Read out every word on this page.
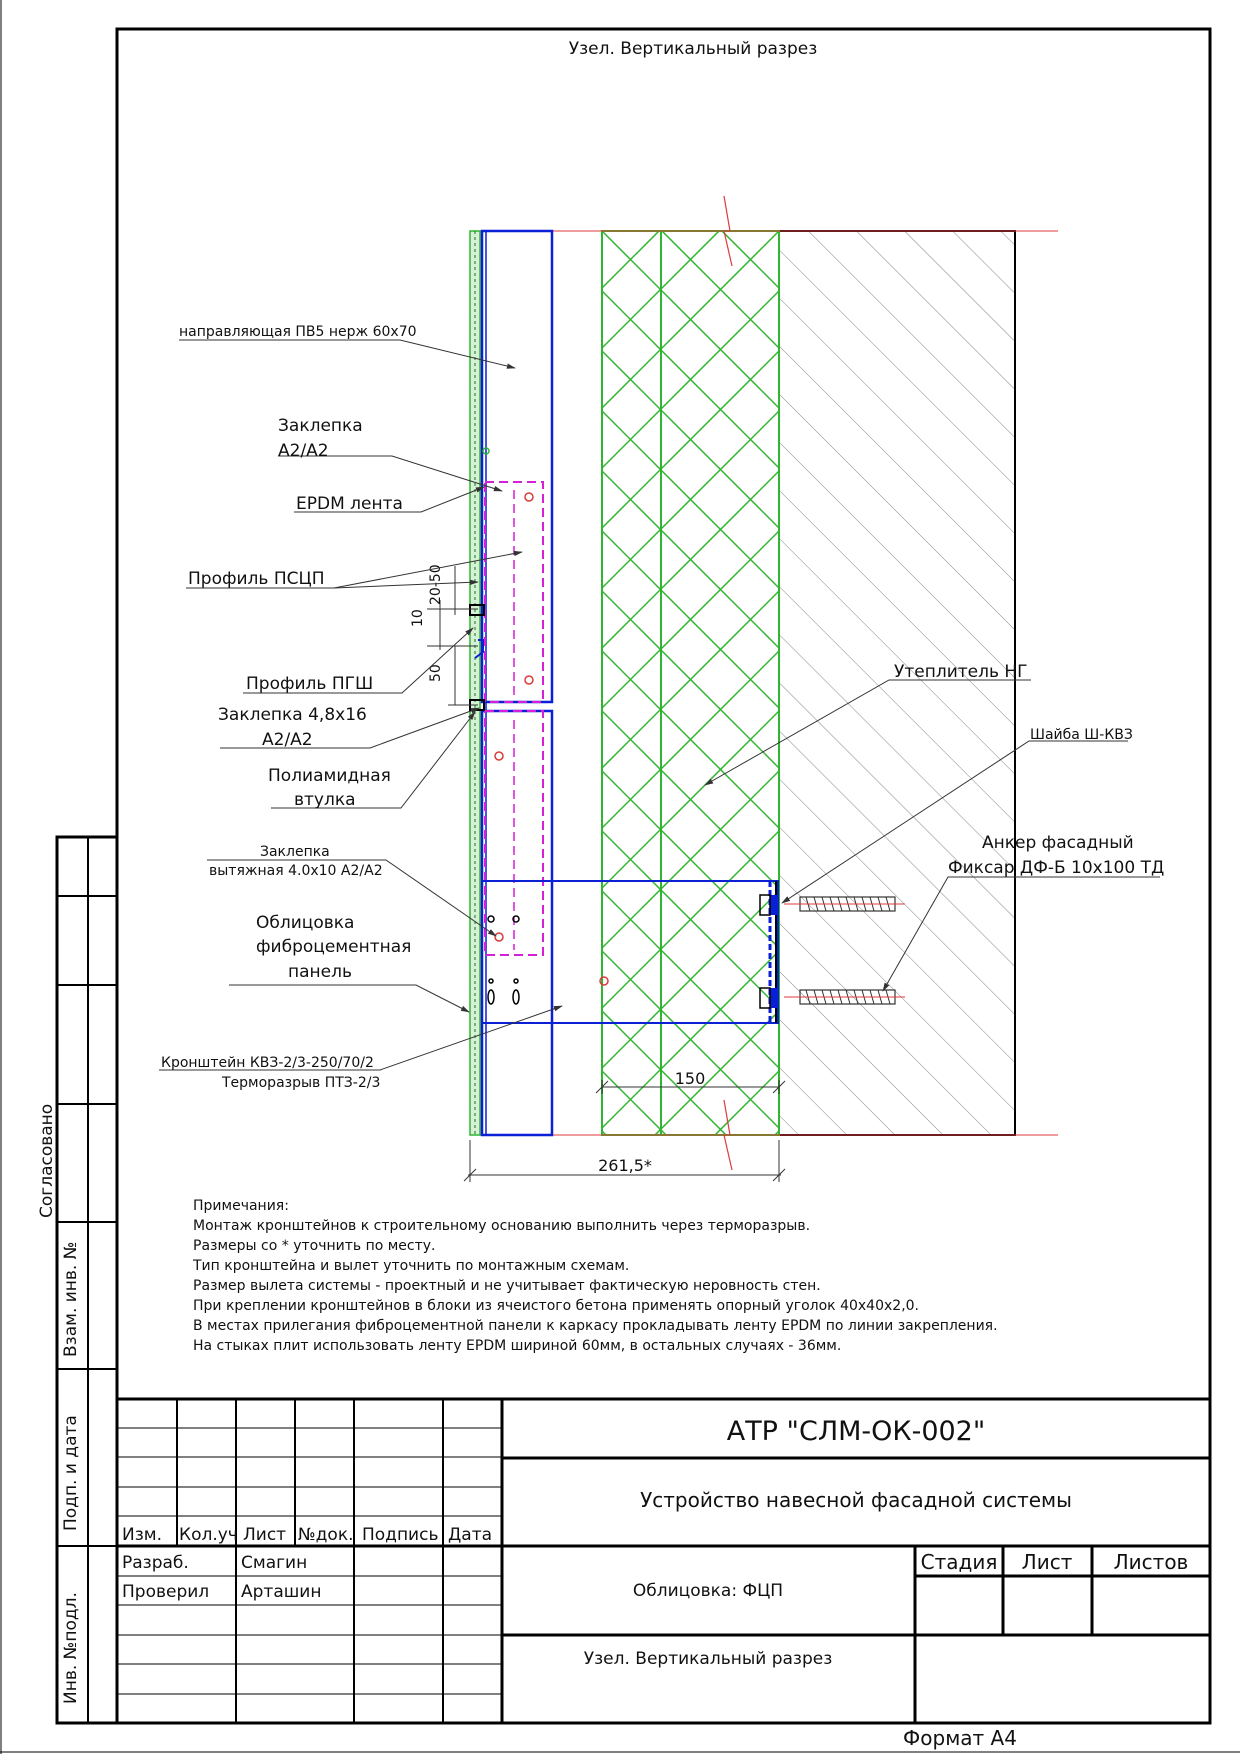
Узел. Вертикальный разрез
20-50
10
50
150
261,5*
направляющая ПВ5 нерж 60х70
Заклепка
A2/A2
EPDM лента
Профиль ПСЦП
Профиль ПГШ
Заклепка 4,8х16
A2/A2
Полиамидная
втулка
Заклепка
вытяжная 4.0х10 A2/A2
Облицовка
фиброцементная
панель
Кронштейн КВЗ-2/3-250/70/2
Терморазрыв ПТЗ-2/3
Утеплитель НГ
Шайба Ш-КВЗ
Анкер фасадный
Фиксар ДФ-Б 10х100 ТД
Примечания:
Монтаж кронштейнов к строительному основанию выполнить через терморазрыв.
Размеры со * уточнить по месту.
Тип кронштейна и вылет уточнить по монтажным схемам.
Размер вылета системы - проектный и не учитывает фактическую неровность стен.
При креплении кронштейнов в блоки из ячеистого бетона применять опорный уголок 40х40х2,0.
В местах прилегания фиброцементной панели к каркасу прокладывать ленту EPDM по линии закрепления.
На стыках плит использовать ленту EPDM шириной 60мм, в остальных случаях - 36мм.
Согласовано
Взам. инв. №
Подп. и дата
Инв. №подл.
Изм. Кол.уч Лист №док. Подпись Дата
Разраб.	Смагин
Проверил Арташин
АТР "СЛМ-ОК-002"
Устройство навесной фасадной системы
Облицовка: ФЦП
Узел. Вертикальный разрез
Стадия Лист Листов
Формат А4
